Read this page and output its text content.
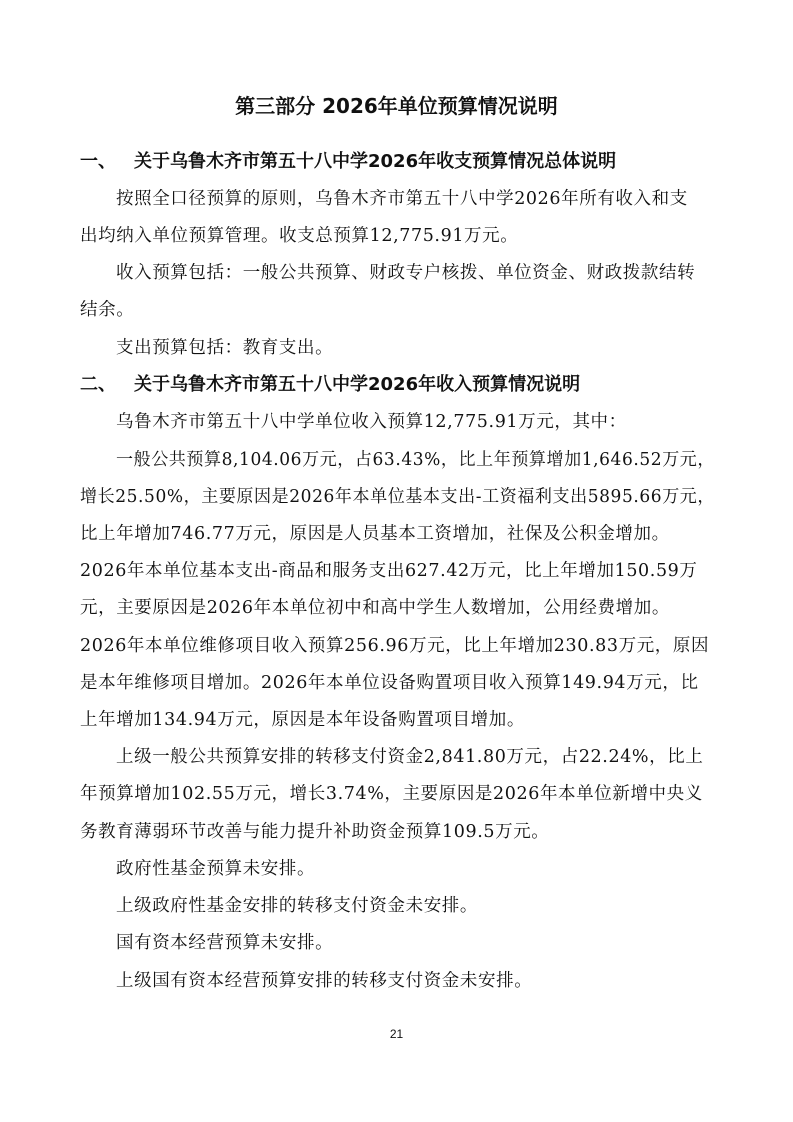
第三部分 2026年单位预算情况说明
一、 关于乌鲁木齐市第五十八中学2026年收支预算情况总体说明
按照全口径预算的原则，乌鲁木齐市第五十八中学2026年所有收入和支
出均纳入单位预算管理。收支总预算12,775.91万元。
收入预算包括：一般公共预算、财政专户核拨、单位资金、财政拨款结转
结余。
支出预算包括：教育支出。
二、 关于乌鲁木齐市第五十八中学2026年收入预算情况说明
乌鲁木齐市第五十八中学单位收入预算12,775.91万元，其中：
一般公共预算8,104.06万元，占63.43%，比上年预算增加1,646.52万元，
增长25.50%，主要原因是2026年本单位基本支出-工资福利支出5895.66万元，
比上年增加746.77万元，原因是人员基本工资增加，社保及公积金增加。
2026年本单位基本支出-商品和服务支出627.42万元，比上年增加150.59万
元，主要原因是2026年本单位初中和高中学生人数增加，公用经费增加。
2026年本单位维修项目收入预算256.96万元，比上年增加230.83万元，原因
是本年维修项目增加。2026年本单位设备购置项目收入预算149.94万元，比
上年增加134.94万元，原因是本年设备购置项目增加。
上级一般公共预算安排的转移支付资金2,841.80万元，占22.24%，比上
年预算增加102.55万元，增长3.74%，主要原因是2026年本单位新增中央义
务教育薄弱环节改善与能力提升补助资金预算109.5万元。
政府性基金预算未安排。
上级政府性基金安排的转移支付资金未安排。
国有资本经营预算未安排。
上级国有资本经营预算安排的转移支付资金未安排。
21
